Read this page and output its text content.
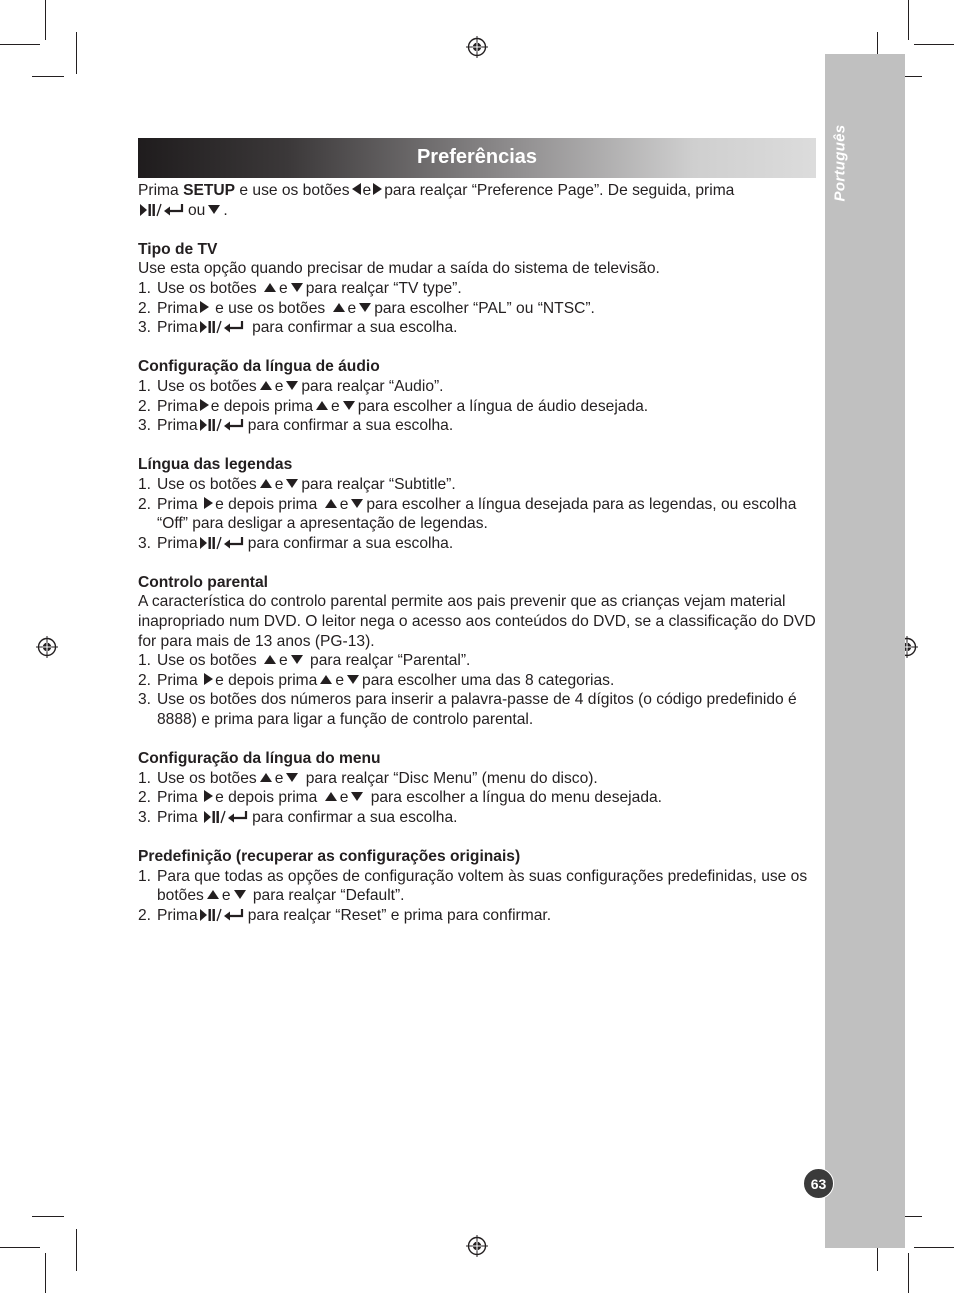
Português
63
Preferências

Prima SETUP e use os botões e para realçar “Preference Page”. De seguida, prima
ou .

Tipo de TV

Use esta opção quando precisar de mudar a saída do sistema de televisão.

1. Use os botões e para realçar “TV type”.
2. Prima e use os botões e para escolher “PAL” ou “NTSC”.
3. Prima	para confirmar a sua escolha.
Configuração da língua de áudio
1. Use os botões e para realçar “Audio”.
2. Prima e depois prima e para escolher a língua de áudio desejada.
3. Prima	para confirmar a sua escolha.
Língua das legendas
1. Use os botões e para realçar “Subtitle”.
2. Prima e depois prima e para escolher a língua desejada para as legendas, ou escolha “Off” para desligar a apresentação de legendas.
3. Prima	para confirmar a sua escolha.
Controlo parental

A característica do controlo parental permite aos pais prevenir que as crianças vejam material inapropriado num DVD. O leitor nega o acesso aos conteúdos do DVD, se a classificação do DVD for para mais de 13 anos (PG-13).

1. Use os botões e para realçar “Parental”.
2. Prima e depois prima e para escolher uma das 8 categorias.
3. Use os botões dos números para inserir a palavra-passe de 4 dígitos (o código predefinido é 8888) e prima para ligar a função de controlo parental.
Configuração da língua do menu
1. Use os botões e para realçar “Disc Menu” (menu do disco).
2. Prima e depois prima e para escolher a língua do menu desejada.
3. Prima	para confirmar a sua escolha.
Predefinição (recuperar as configurações originais)
1. Para que todas as opções de configuração voltem às suas configurações predefinidas, use os botões e para realçar “Default”.
2. Prima	para realçar “Reset” e prima para confirmar.
